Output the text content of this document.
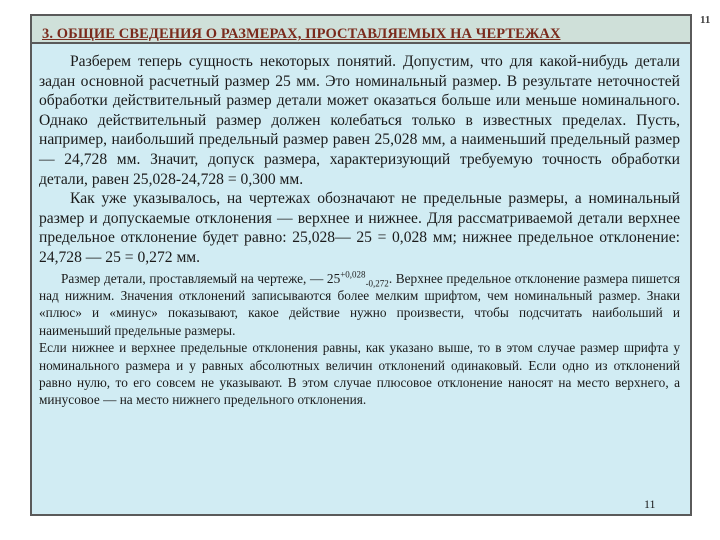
11
3. ОБЩИЕ СВЕДЕНИЯ О РАЗМЕРАХ, ПРОСТАВЛЯЕМЫХ НА ЧЕРТЕЖАХ

Разберем теперь сущность некоторых понятий. Допустим, что для какой-нибудь детали задан основной расчетный размер 25 мм. Это номинальный размер. В результате неточностей обработки действительный размер детали может оказаться больше или меньше номинального. Однако действительный размер должен колебаться только в известных пределах. Пусть, например, наибольший предельный размер равен 25,028 мм, а наименьший предельный размер — 24,728 мм. Значит, допуск размера, характеризующий требуемую точность обработки детали, равен 25,028-24,728 = 0,300 мм.

Как уже указывалось, на чертежах обозначают не предельные размеры, а номинальный размер и допускаемые отклонения — верхнее и нижнее. Для рассматриваемой детали верхнее предельное отклонение будет равно: 25,028— 25 = 0,028 мм; нижнее предельное отклонение: 24,728 — 25 = 0,272 мм.

Размер детали, проставляемый на чертеже, — $25^{+0,028}_{-0,272}$. Верхнее предельное отклонение размера пишется над нижним. Значения отклонений записываются более мелким шрифтом, чем номинальный размер. Знаки «плюс» и «минус» показывают, какое действие нужно произвести, чтобы подсчитать наибольший и наименьший предельные размеры.

Если нижнее и верхнее предельные отклонения равны, как указано выше, то в этом случае размер шрифта у номинального размера и у равных абсолютных величин отклонений одинаковый. Если одно из отклонений равно нулю, то его совсем не указывают. В этом случае плюсовое отклонение наносят на место верхнего, а минусовое — на место нижнего предельного отклонения.

11
